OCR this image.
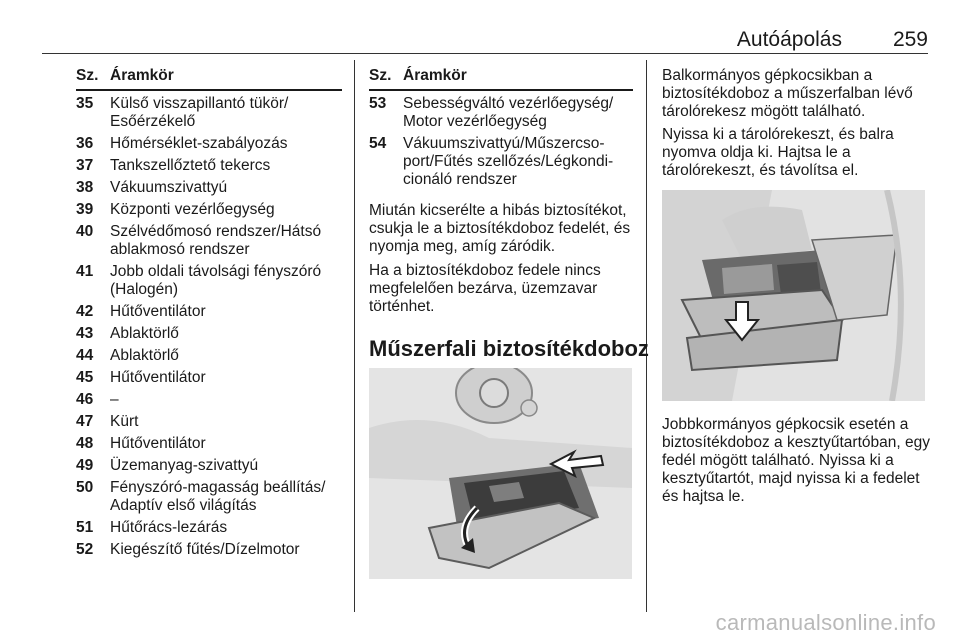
Autóápolás 259
Sz. Áramkör
35	Külső visszapillantó tükör/ Esőérzékelő
36	Hőmérséklet-szabályozás
37	Tankszellőztető tekercs
38	Vákuumszivattyú
39	Központi vezérlőegység
40	Szélvédőmosó rendszer/Hátsó ablakmosó rendszer
41	Jobb oldali távolsági fényszóró (Halogén)
42	Hűtőventilátor
43	Ablaktörlő
44	Ablaktörlő
45	Hűtőventilátor
46	–
47	Kürt
48	Hűtőventilátor
49	Üzemanyag-szivattyú
50	Fényszóró-magasság beállítás/ Adaptív első világítás
51	Hűtőrács-lezárás
52	Kiegészítő fűtés/Dízelmotor
Sz. Áramkör
53	Sebességváltó vezérlőegység/ Motor vezérlőegység
54	Vákuumszivattyú/Műszercso-port/Fűtés szellőzés/Légkondi-cionáló rendszer

Miután kicserélte a hibás biztosítékot, csukja le a biztosítékdoboz fedelét, és nyomja meg, amíg záródik.

Ha a biztosítékdoboz fedele nincs megfelelően bezárva, üzemzavar történhet.

Műszerfali biztosítékdoboz

Balkormányos gépkocsikban a biztosítékdoboz a műszerfalban lévő tárolórekesz mögött található.

Nyissa ki a tárolórekeszt, és balra nyomva oldja ki. Hajtsa le a tárolórekeszt, és távolítsa el.

Jobbkormányos gépkocsik esetén a biztosítékdoboz a kesztyűtartóban, egy fedél mögött található. Nyissa ki a kesztyűtartót, majd nyissa ki a fedelet és hajtsa le.

carmanualsonline.info
